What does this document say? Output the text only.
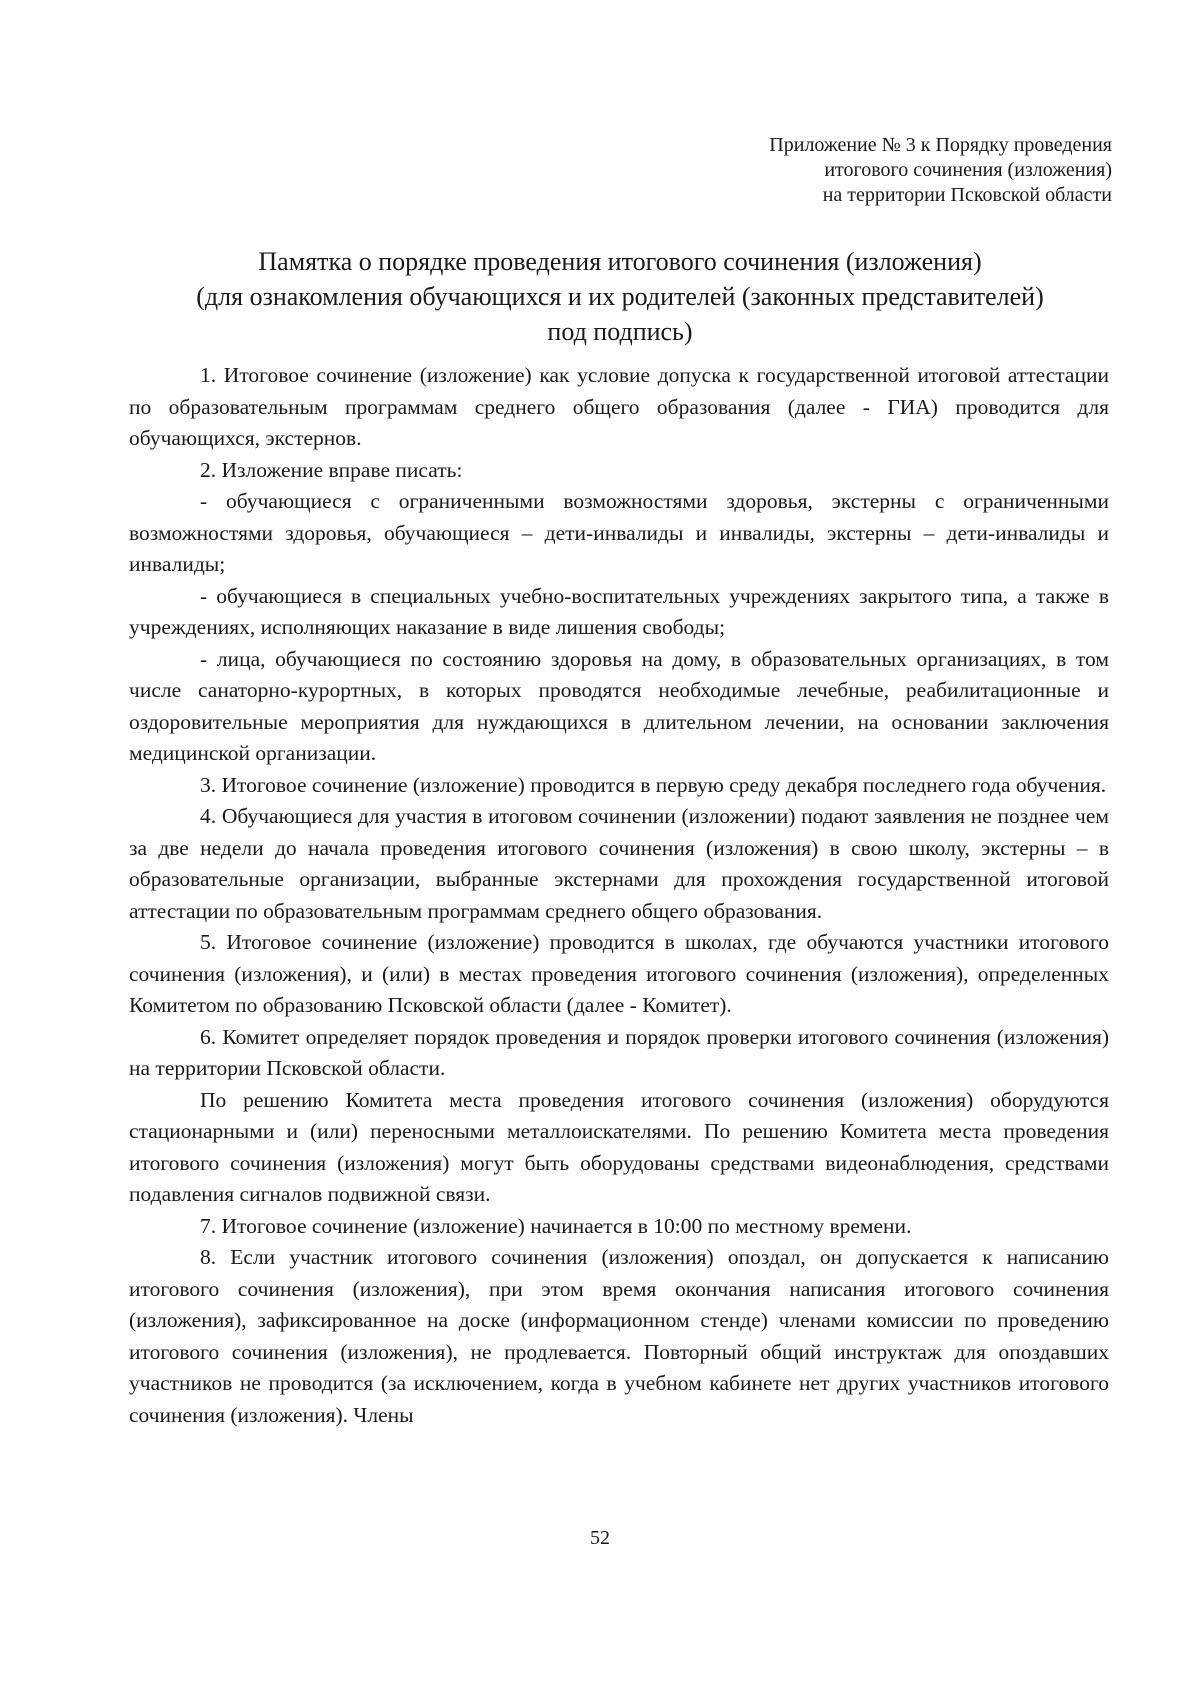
Приложение № 3 к Порядку проведения
итогового сочинения (изложения)
на территории Псковской области
Памятка о порядке проведения итогового сочинения (изложения)
(для ознакомления обучающихся и их родителей (законных представителей)
под подпись)

1. Итоговое сочинение (изложение) как условие допуска к государственной итоговой аттестации по образовательным программам среднего общего образования (далее - ГИА) проводится для обучающихся, экстернов.

2. Изложение вправе писать:

- обучающиеся с ограниченными возможностями здоровья, экстерны с ограниченными возможностями здоровья, обучающиеся – дети-инвалиды и инвалиды, экстерны – дети-инвалиды и инвалиды;

- обучающиеся в специальных учебно-воспитательных учреждениях закрытого типа, а также в учреждениях, исполняющих наказание в виде лишения свободы;

- лица, обучающиеся по состоянию здоровья на дому, в образовательных организациях, в том числе санаторно-курортных, в которых проводятся необходимые лечебные, реабилитационные и оздоровительные мероприятия для нуждающихся в длительном лечении, на основании заключения медицинской организации.

3. Итоговое сочинение (изложение) проводится в первую среду декабря последнего года обучения.

4. Обучающиеся для участия в итоговом сочинении (изложении) подают заявления не позднее чем за две недели до начала проведения итогового сочинения (изложения) в свою школу, экстерны – в образовательные организации, выбранные экстернами для прохождения государственной итоговой аттестации по образовательным программам среднего общего образования.

5. Итоговое сочинение (изложение) проводится в школах, где обучаются участники итогового сочинения (изложения), и (или) в местах проведения итогового сочинения (изложения), определенных Комитетом по образованию Псковской области (далее - Комитет).

6. Комитет определяет порядок проведения и порядок проверки итогового сочинения (изложения) на территории Псковской области.

По решению Комитета места проведения итогового сочинения (изложения) оборудуются стационарными и (или) переносными металлоискателями. По решению Комитета места проведения итогового сочинения (изложения) могут быть оборудованы средствами видеонаблюдения, средствами подавления сигналов подвижной связи.

7. Итоговое сочинение (изложение) начинается в 10:00 по местному времени.

8. Если участник итогового сочинения (изложения) опоздал, он допускается к написанию итогового сочинения (изложения), при этом время окончания написания итогового сочинения (изложения), зафиксированное на доске (информационном стенде) членами комиссии по проведению итогового сочинения (изложения), не продлевается. Повторный общий инструктаж для опоздавших участников не проводится (за исключением, когда в учебном кабинете нет других участников итогового сочинения (изложения). Члены

52
